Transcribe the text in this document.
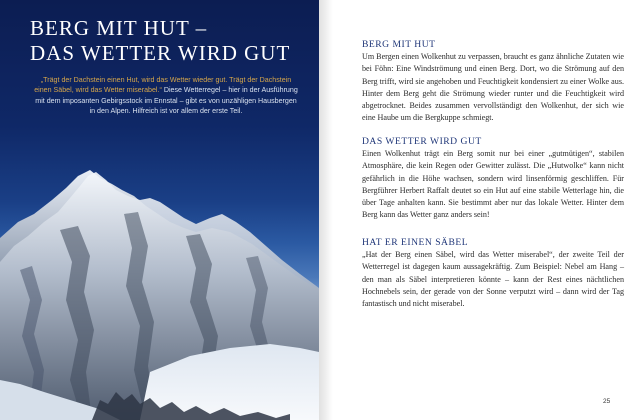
BERG MIT HUT –
DAS WETTER WIRD GUT
„Trägt der Dachstein einen Hut, wird das Wetter wieder gut. Trägt der Dachstein einen Säbel, wird das Wetter miserabel.“ Diese Wetterregel – hier in der Ausführung mit dem imposanten Gebirgsstock im Ennstal – gibt es von unzähligen Hausbergen in den Alpen. Hilfreich ist vor allem der erste Teil.
BERG MIT HUT

Um Bergen einen Wolkenhut zu verpassen, braucht es ganz ähnliche Zutaten wie bei Föhn: Eine Windströmung und einen Berg. Dort, wo die Strömung auf den Berg trifft, wird sie angehoben und Feuchtigkeit kondensiert zu einer Wolke aus. Hinter dem Berg geht die Strömung wieder runter und die Feuchtigkeit wird abgetrocknet. Beides zusammen vervollständigt den Wolkenhut, der sich wie eine Haube um die Bergkuppe schmiegt.

DAS WETTER WIRD GUT

Einen Wolkenhut trägt ein Berg somit nur bei einer „gutmütigen“, stabilen Atmosphäre, die kein Regen oder Gewitter zulässt. Die „Hutwolke“ kann nicht gefährlich in die Höhe wachsen, sondern wird linsenförmig geschliffen. Für Bergführer Herbert Raffalt deutet so ein Hut auf eine stabile Wetterlage hin, die über Tage anhalten kann. Sie bestimmt aber nur das lokale Wetter. Hinter dem Berg kann das Wetter ganz anders sein!

HAT ER EINEN SÄBEL

„Hat der Berg einen Säbel, wird das Wetter miserabel“, der zweite Teil der Wetterregel ist dagegen kaum aussagekräftig. Zum Beispiel: Nebel am Hang – den man als Säbel interpretieren könnte – kann der Rest eines nächtlichen Hochnebels sein, der gerade von der Sonne verputzt wird – dann wird der Tag fantastisch und nicht miserabel.

25
